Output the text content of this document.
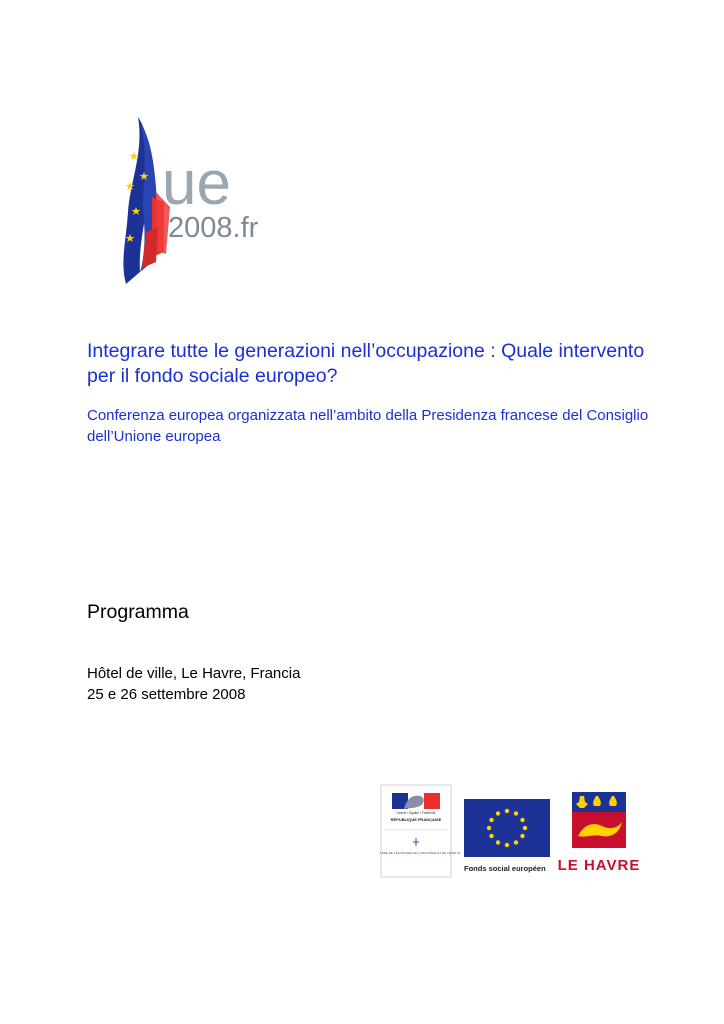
ue
2008.fr
Integrare tutte le generazioni nell’occupazione : Quale intervento per il fondo sociale europeo?

Conferenza europea organizzata nell’ambito della Presidenza francese del Consiglio dell’Unione europea

Programma
Hôtel de ville, Le Havre, Francia
25 e 26 settembre 2008
Liberté • Égalité • Fraternité
RÉPUBLIQUE FRANÇAISE
MINISTÈRE DE L’ÉCONOMIE DE L’INDUSTRIE ET DE L’EMPLOI
Fonds social européen LE HAVRE
